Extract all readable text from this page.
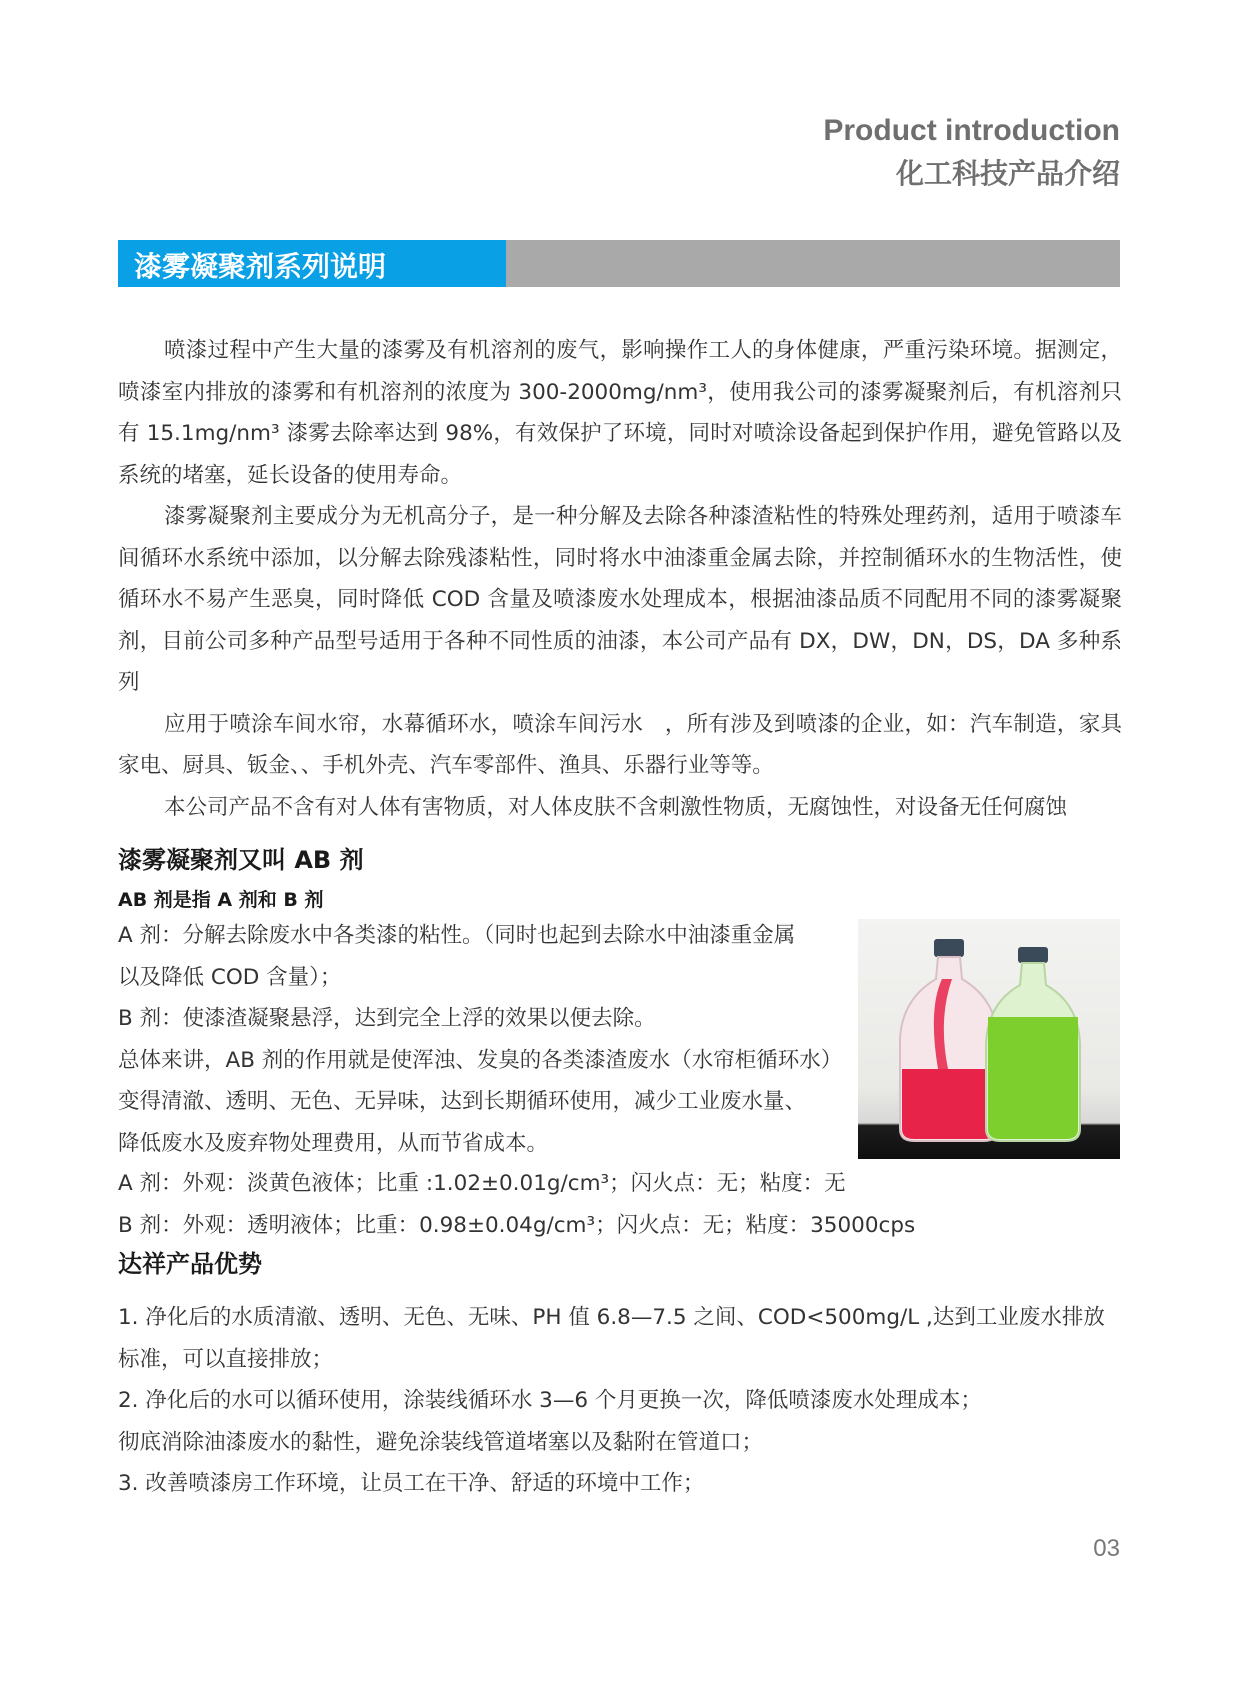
Product introduction
化工科技产品介绍
漆雾凝聚剂系列说明

喷漆过程中产生大量的漆雾及有机溶剂的废气，影响操作工人的身体健康，严重污染环境。据测定，喷漆室内排放的漆雾和有机溶剂的浓度为 300-2000mg/nm³，使用我公司的漆雾凝聚剂后，有机溶剂只有 15.1mg/nm³ 漆雾去除率达到 98%，有效保护了环境，同时对喷涂设备起到保护作用，避免管路以及系统的堵塞，延长设备的使用寿命。

漆雾凝聚剂主要成分为无机高分子，是一种分解及去除各种漆渣粘性的特殊处理药剂，适用于喷漆车间循环水系统中添加，以分解去除残漆粘性，同时将水中油漆重金属去除，并控制循环水的生物活性，使循环水不易产生恶臭，同时降低 COD 含量及喷漆废水处理成本，根据油漆品质不同配用不同的漆雾凝聚剂，目前公司多种产品型号适用于各种不同性质的油漆，本公司产品有 DX，DW，DN，DS，DA 多种系列

应用于喷涂车间水帘，水幕循环水，喷涂车间污水　，所有涉及到喷漆的企业，如：汽车制造，家具家电、厨具、钣金、、手机外壳、汽车零部件、渔具、乐器行业等等。

本公司产品不含有对人体有害物质，对人体皮肤不含刺激性物质，无腐蚀性，对设备无任何腐蚀

漆雾凝聚剂又叫 AB 剂
AB 剂是指 A 剂和 B 剂

A 剂：分解去除废水中各类漆的粘性。（同时也起到去除水中油漆重金属

以及降低 COD 含量）；

B 剂：使漆渣凝聚悬浮，达到完全上浮的效果以便去除。

总体来讲，AB 剂的作用就是使浑浊、发臭的各类漆渣废水（水帘柜循环水）

变得清澈、透明、无色、无异味，达到长期循环使用，减少工业废水量、

降低废水及废弃物处理费用，从而节省成本。

A 剂：外观：淡黄色液体；比重 :1.02±0.01g/cm³；闪火点：无；粘度：无

B 剂：外观：透明液体；比重：0.98±0.04g/cm³；闪火点：无；粘度：35000cps

达祥产品优势

1. 净化后的水质清澈、透明、无色、无味、PH 值 6.8—7.5 之间、COD<500mg/L ,达到工业废水排放标准，可以直接排放；

2. 净化后的水可以循环使用，涂装线循环水 3—6 个月更换一次，降低喷漆废水处理成本；

彻底消除油漆废水的黏性，避免涂装线管道堵塞以及黏附在管道口；

3. 改善喷漆房工作环境，让员工在干净、舒适的环境中工作；

03
